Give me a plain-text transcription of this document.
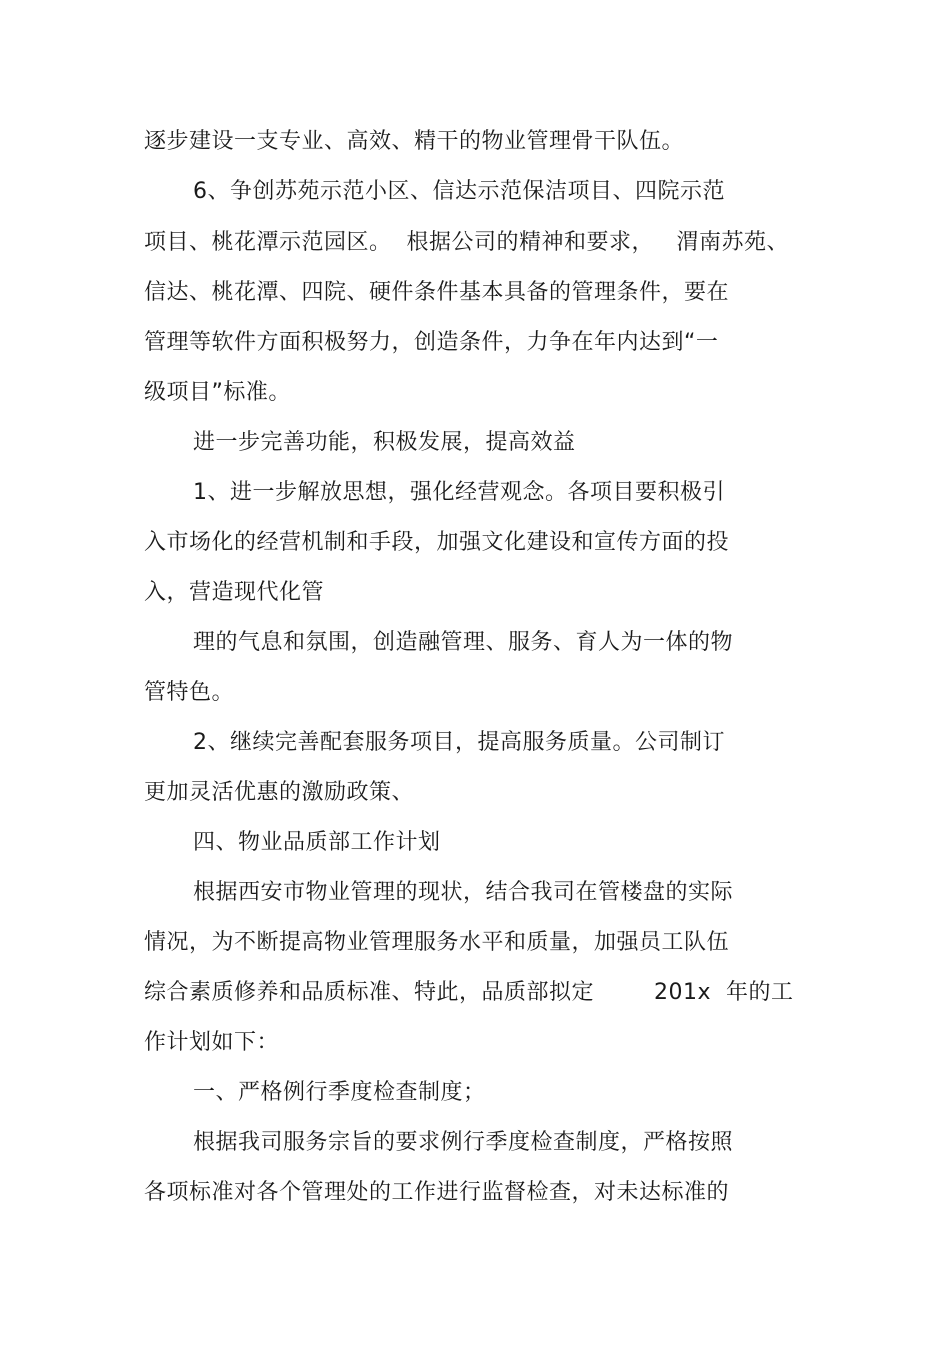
逐步建设一支专业、高效、精干的物业管理骨干队伍。
6、争创苏苑示范小区、信达示范保洁项目、四院示范
项目、桃花潭示范园区。  根据公司的精神和要求，   渭南苏苑、
信达、桃花潭、四院、硬件条件基本具备的管理条件，要在
管理等软件方面积极努力，创造条件，力争在年内达到“一
级项目”标准。
进一步完善功能，积极发展，提高效益
1、进一步解放思想，强化经营观念。各项目要积极引
入市场化的经营机制和手段，加强文化建设和宣传方面的投
入，营造现代化管
理的气息和氛围，创造融管理、服务、育人为一体的物
管特色。
2、继续完善配套服务项目，提高服务质量。公司制订
更加灵活优惠的激励政策、
四、物业品质部工作计划
根据西安市物业管理的现状，结合我司在管楼盘的实际
情况，为不断提高物业管理服务水平和质量，加强员工队伍
综合素质修养和品质标准、特此，品质部拟定        201x  年的工
作计划如下：
一、严格例行季度检查制度；
根据我司服务宗旨的要求例行季度检查制度，严格按照
各项标准对各个管理处的工作进行监督检查，对未达标准的
